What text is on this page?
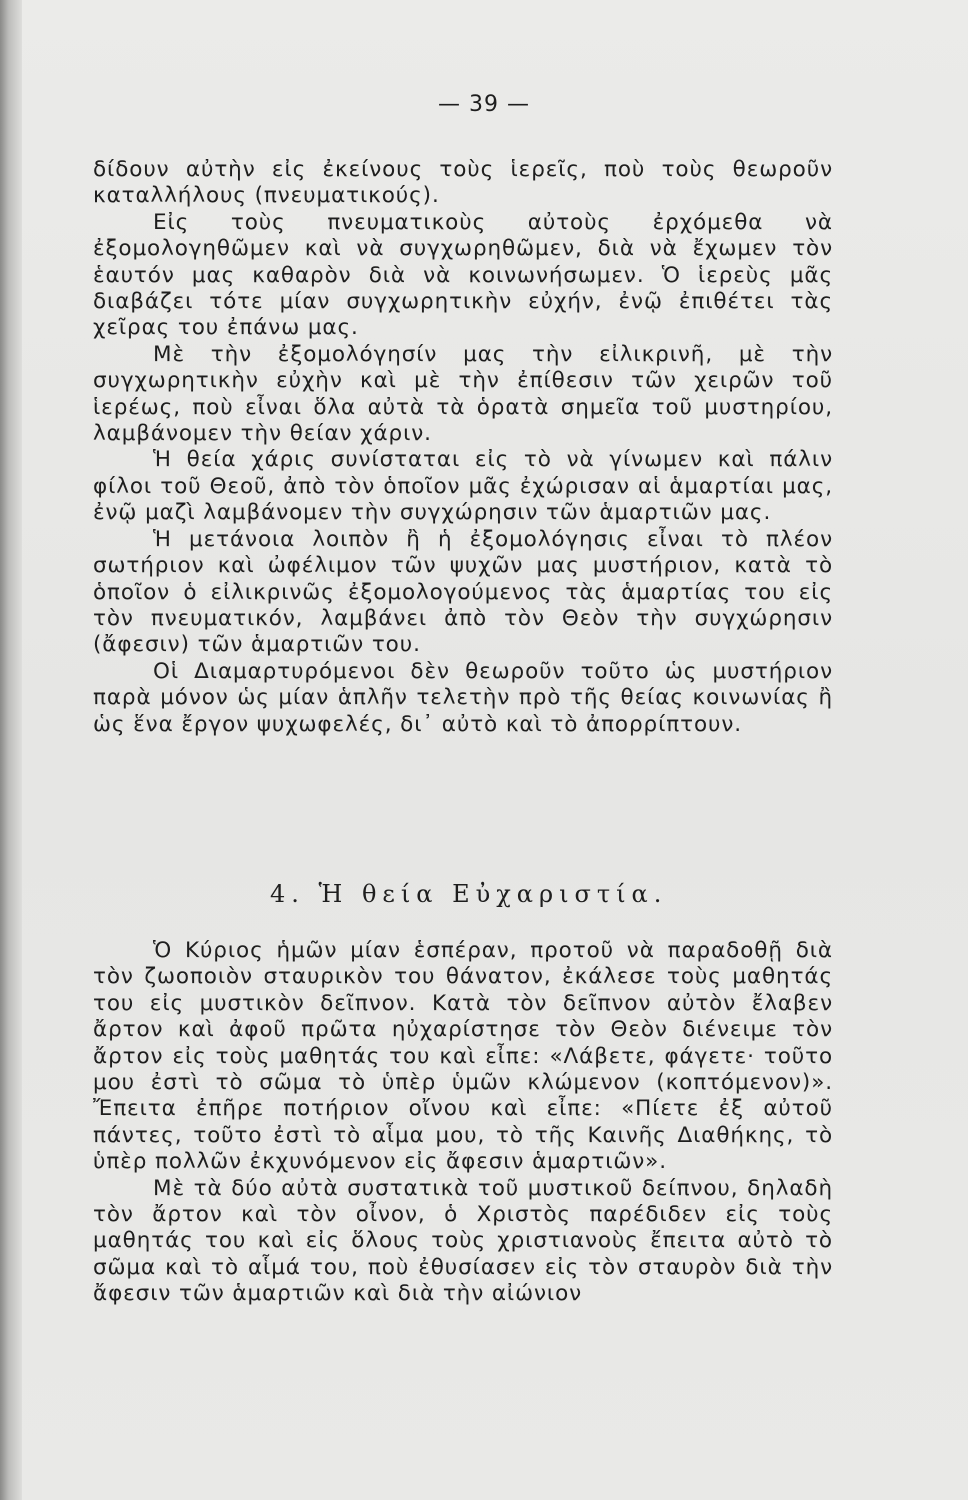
— 39 —

δίδουν αὐτὴν εἰς ἐκείνους τοὺς ἱερεῖς, ποὺ τοὺς θεωροῦν καταλλήλους (πνευματικούς).

Εἰς τοὺς πνευματικοὺς αὐτοὺς ἐρχόμεθα νὰ ἐξομολογηθῶμεν καὶ νὰ συγχωρηθῶμεν, διὰ νὰ ἔχωμεν τὸν ἑαυτόν μας καθαρὸν διὰ νὰ κοινωνήσωμεν. Ὁ ἱερεὺς μᾶς διαβάζει τότε μίαν συγχωρητικὴν εὐχήν, ἐνῷ ἐπιθέτει τὰς χεῖρας του ἐπάνω μας.

Μὲ τὴν ἐξομολόγησίν μας τὴν εἰλικρινῆ, μὲ τὴν συγχωρητικὴν εὐχὴν καὶ μὲ τὴν ἐπίθεσιν τῶν χειρῶν τοῦ ἱερέως, ποὺ εἶναι ὅλα αὐτὰ τὰ ὁρατὰ σημεῖα τοῦ μυστηρίου, λαμβάνομεν τὴν θείαν χάριν.

Ἡ θεία χάρις συνίσταται εἰς τὸ νὰ γίνωμεν καὶ πάλιν φίλοι τοῦ Θεοῦ, ἀπὸ τὸν ὁποῖον μᾶς ἐχώρισαν αἱ ἁμαρτίαι μας, ἐνῷ μαζὶ λαμβάνομεν τὴν συγχώρησιν τῶν ἁμαρτιῶν μας.

Ἡ μετάνοια λοιπὸν ἢ ἡ ἐξομολόγησις εἶναι τὸ πλέον σωτήριον καὶ ὠφέλιμον τῶν ψυχῶν μας μυστήριον, κατὰ τὸ ὁποῖον ὁ εἰλικρινῶς ἐξομολογούμενος τὰς ἁμαρτίας του εἰς τὸν πνευματικόν, λαμβάνει ἀπὸ τὸν Θεὸν τὴν συγχώρησιν (ἄφεσιν) τῶν ἁμαρτιῶν του.

Οἱ Διαμαρτυρόμενοι δὲν θεωροῦν τοῦτο ὡς μυστήριον παρὰ μόνον ὡς μίαν ἁπλῆν τελετὴν πρὸ τῆς θείας κοινωνίας ἢ ὡς ἕνα ἔργον ψυχωφελές, δι᾽ αὐτὸ καὶ τὸ ἀπορρίπτουν.

4. Ἡ θεία Εὐχαριστία.

Ὁ Κύριος ἡμῶν μίαν ἑσπέραν, προτοῦ νὰ παραδοθῇ διὰ τὸν ζωοποιὸν σταυρικὸν του θάνατον, ἐκάλεσε τοὺς μαθητάς του εἰς μυστικὸν δεῖπνον. Κατὰ τὸν δεῖπνον αὐτὸν ἔλαβεν ἄρτον καὶ ἀφοῦ πρῶτα ηὐχαρίστησε τὸν Θεὸν διένειμε τὸν ἄρτον εἰς τοὺς μαθητάς του καὶ εἶπε: «Λάβετε, φάγετε· τοῦτο μου ἐστὶ τὸ σῶμα τὸ ὑπὲρ ὑμῶν κλώμενον (κοπτόμενον)». Ἔπειτα ἐπῆρε ποτήριον οἴνου καὶ εἶπε: «Πίετε ἐξ αὐτοῦ πάντες, τοῦτο ἐστὶ τὸ αἷμα μου, τὸ τῆς Καινῆς Διαθήκης, τὸ ὑπὲρ πολλῶν ἐκχυνόμενον εἰς ἄφεσιν ἁμαρτιῶν».

Μὲ τὰ δύο αὐτὰ συστατικὰ τοῦ μυστικοῦ δείπνου, δηλαδὴ τὸν ἄρτον καὶ τὸν οἶνον, ὁ Χριστὸς παρέδιδεν εἰς τοὺς μαθητάς του καὶ εἰς ὅλους τοὺς χριστιανοὺς ἔπειτα αὐτὸ τὸ σῶμα καὶ τὸ αἷμά του, ποὺ ἐθυσίασεν εἰς τὸν σταυρὸν διὰ τὴν ἄφεσιν τῶν ἁμαρτιῶν καὶ διὰ τὴν αἰώνιον
